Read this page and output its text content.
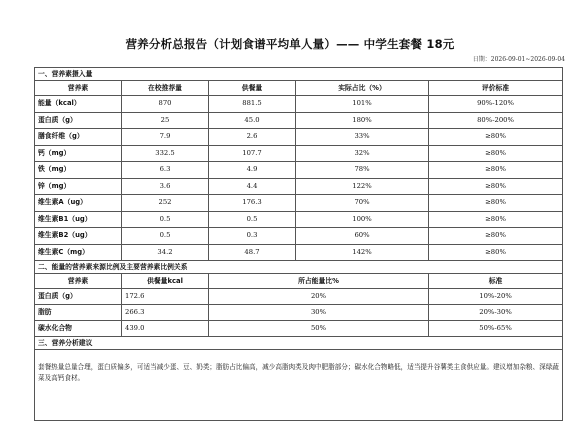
营养分析总报告（计划食谱平均单人量）—— 中学生套餐 18元
日期：2026-09-01~2026-09-04
一、营养素摄入量				
营养素	在校推荐量	供餐量	实际占比（%）	评价标准
能量（kcal）	870	881.5	101%	90%-120%
蛋白质（g）	25	45.0	180%	80%-200%
膳食纤维（g）	7.9	2.6	33%	≥80%
钙（mg）	332.5	107.7	32%	≥80%
铁（mg）	6.3	4.9	78%	≥80%
锌（mg）	3.6	4.4	122%	≥80%
维生素A（ug）	252	176.3	70%	≥80%
维生素B1（ug）	0.5	0.5	100%	≥80%
维生素B2（ug）	0.5	0.3	60%	≥80%
维生素C（mg）	34.2	48.7	142%	≥80%
二、能量的营养素来源比例及主要营养素比例关系				
营养素	供餐量kcal	所占能量比%		标准
蛋白质（g）	172.6	20%		10%-20%
脂肪	266.3	30%		20%-30%
碳水化合物	439.0	50%		50%-65%
三、营养分析建议				
套餐热量总量合理，蛋白质偏多，可适当减少蛋、豆、奶类；脂肪占比偏高，减少高脂肉类及肉中肥脂部分；碳水化合物略低，适当提升谷薯类主食供应量。建议增加杂粮、深绿蔬菜及高钙食材。				
